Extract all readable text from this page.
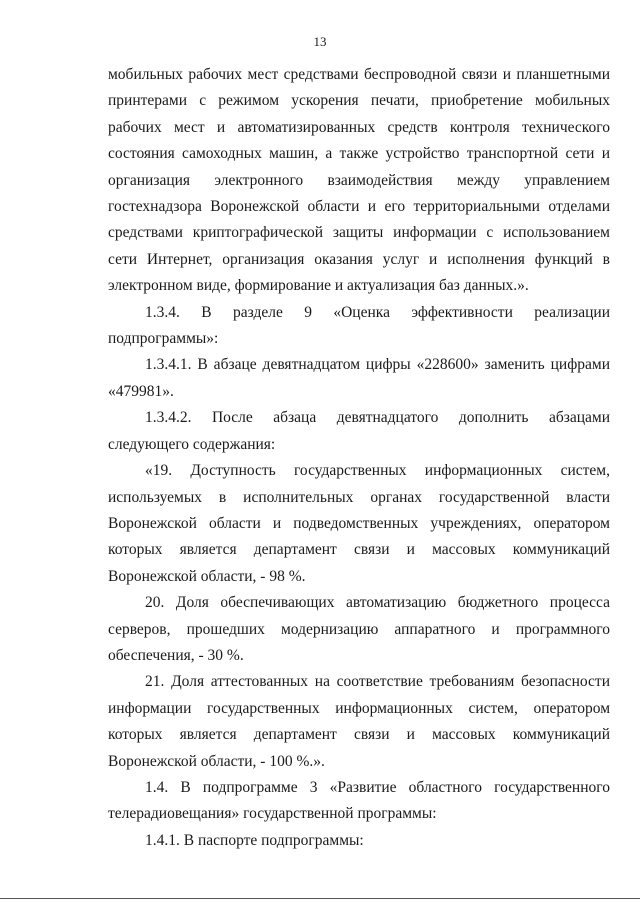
13

мобильных рабочих мест средствами беспроводной связи и планшетными принтерами с режимом ускорения печати, приобретение мобильных рабочих мест и автоматизированных средств контроля технического состояния самоходных машин, а также устройство транспортной сети и организация электронного взаимодействия между управлением гостехнадзора Воронежской области и его территориальными отделами средствами криптографической защиты информации с использованием сети Интернет, организация оказания услуг и исполнения функций в электронном виде, формирование и актуализация баз данных.».

1.3.4. В разделе 9 «Оценка эффективности реализации подпрограммы»:

1.3.4.1. В абзаце девятнадцатом цифры «228600» заменить цифрами «479981».

1.3.4.2. После абзаца девятнадцатого дополнить абзацами следующего содержания:

«19. Доступность государственных информационных систем, используемых в исполнительных органах государственной власти Воронежской области и подведомственных учреждениях, оператором которых является департамент связи и массовых коммуникаций Воронежской области, - 98 %.

20. Доля обеспечивающих автоматизацию бюджетного процесса серверов, прошедших модернизацию аппаратного и программного обеспечения, - 30 %.

21. Доля аттестованных на соответствие требованиям безопасности информации государственных информационных систем, оператором которых является департамент связи и массовых коммуникаций Воронежской области, - 100 %.».

1.4. В подпрограмме 3 «Развитие областного государственного телерадиовещания» государственной программы:

1.4.1. В паспорте подпрограммы:
